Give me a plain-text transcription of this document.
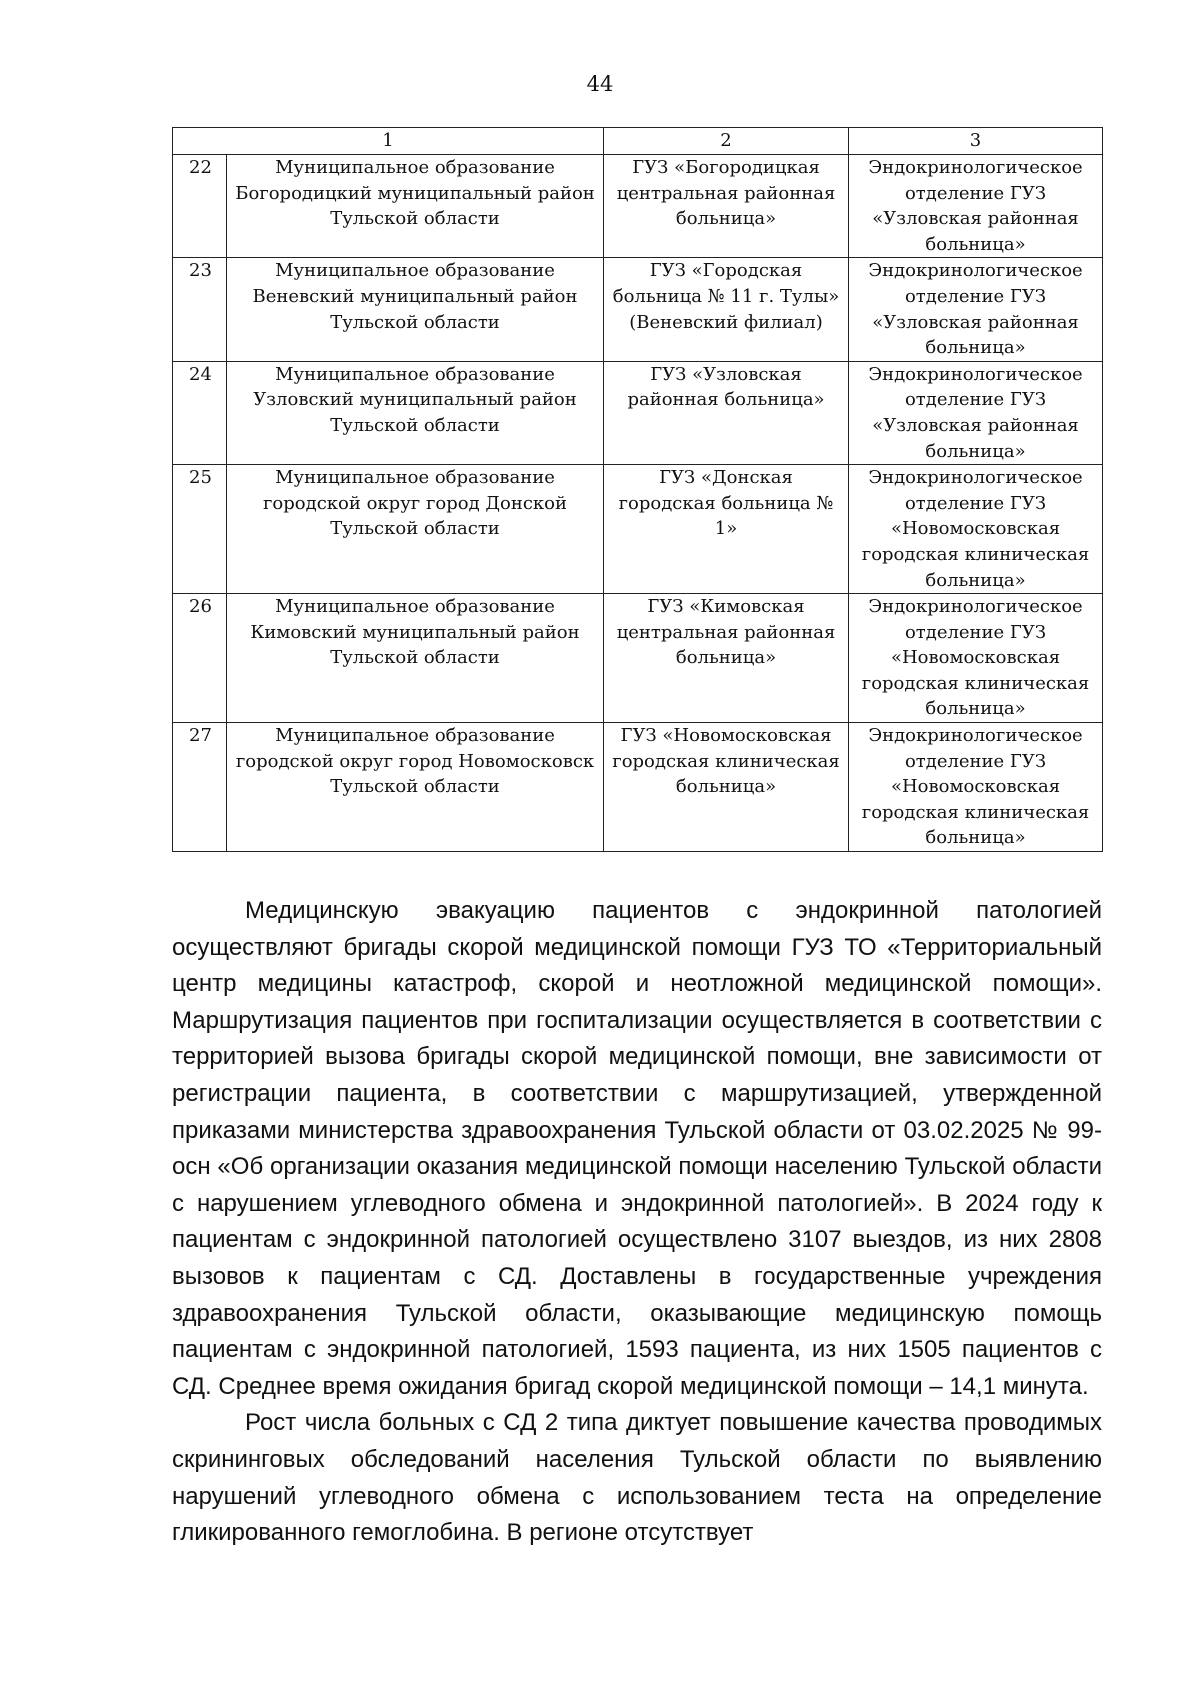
44
1		2	3
22	Муниципальное образование Богородицкий муниципальный район Тульской области	ГУЗ «Богородицкая центральная районная больница»	Эндокринологическое отделение ГУЗ «Узловская районная больница»
23	Муниципальное образование Веневский муниципальный район Тульской области	ГУЗ «Городская больница № 11 г. Тулы» (Веневский филиал)	Эндокринологическое отделение ГУЗ «Узловская районная больница»
24	Муниципальное образование Узловский муниципальный район Тульской области	ГУЗ «Узловская районная больница»	Эндокринологическое отделение ГУЗ «Узловская районная больница»
25	Муниципальное образование городской округ город Донской Тульской области	ГУЗ «Донская городская больница № 1»	Эндокринологическое отделение ГУЗ «Новомосковская городская клиническая больница»
26	Муниципальное образование Кимовский муниципальный район Тульской области	ГУЗ «Кимовская центральная районная больница»	Эндокринологическое отделение ГУЗ «Новомосковская городская клиническая больница»
27	Муниципальное образование городской округ город Новомосковск Тульской области	ГУЗ «Новомосковская городская клиническая больница»	Эндокринологическое отделение ГУЗ «Новомосковская городская клиническая больница»

Медицинскую эвакуацию пациентов с эндокринной патологией осуществляют бригады скорой медицинской помощи ГУЗ ТО «Территориальный центр медицины катастроф, скорой и неотложной медицинской помощи». Маршрутизация пациентов при госпитализации осуществляется в соответствии с территорией вызова бригады скорой медицинской помощи, вне зависимости от регистрации пациента, в соответствии с маршрутизацией, утвержденной приказами министерства здравоохранения Тульской области от 03.02.2025 № 99-осн «Об организации оказания медицинской помощи населению Тульской области с нарушением углеводного обмена и эндокринной патологией». В 2024 году к пациентам с эндокринной патологией осуществлено 3107 выездов, из них 2808 вызовов к пациентам с СД. Доставлены в государственные учреждения здравоохранения Тульской области, оказывающие медицинскую помощь пациентам с эндокринной патологией, 1593 пациента, из них 1505 пациентов с СД. Среднее время ожидания бригад скорой медицинской помощи – 14,1 минута.

Рост числа больных с СД 2 типа диктует повышение качества проводимых скрининговых обследований населения Тульской области по выявлению нарушений углеводного обмена с использованием теста на определение гликированного гемоглобина. В регионе отсутствует
